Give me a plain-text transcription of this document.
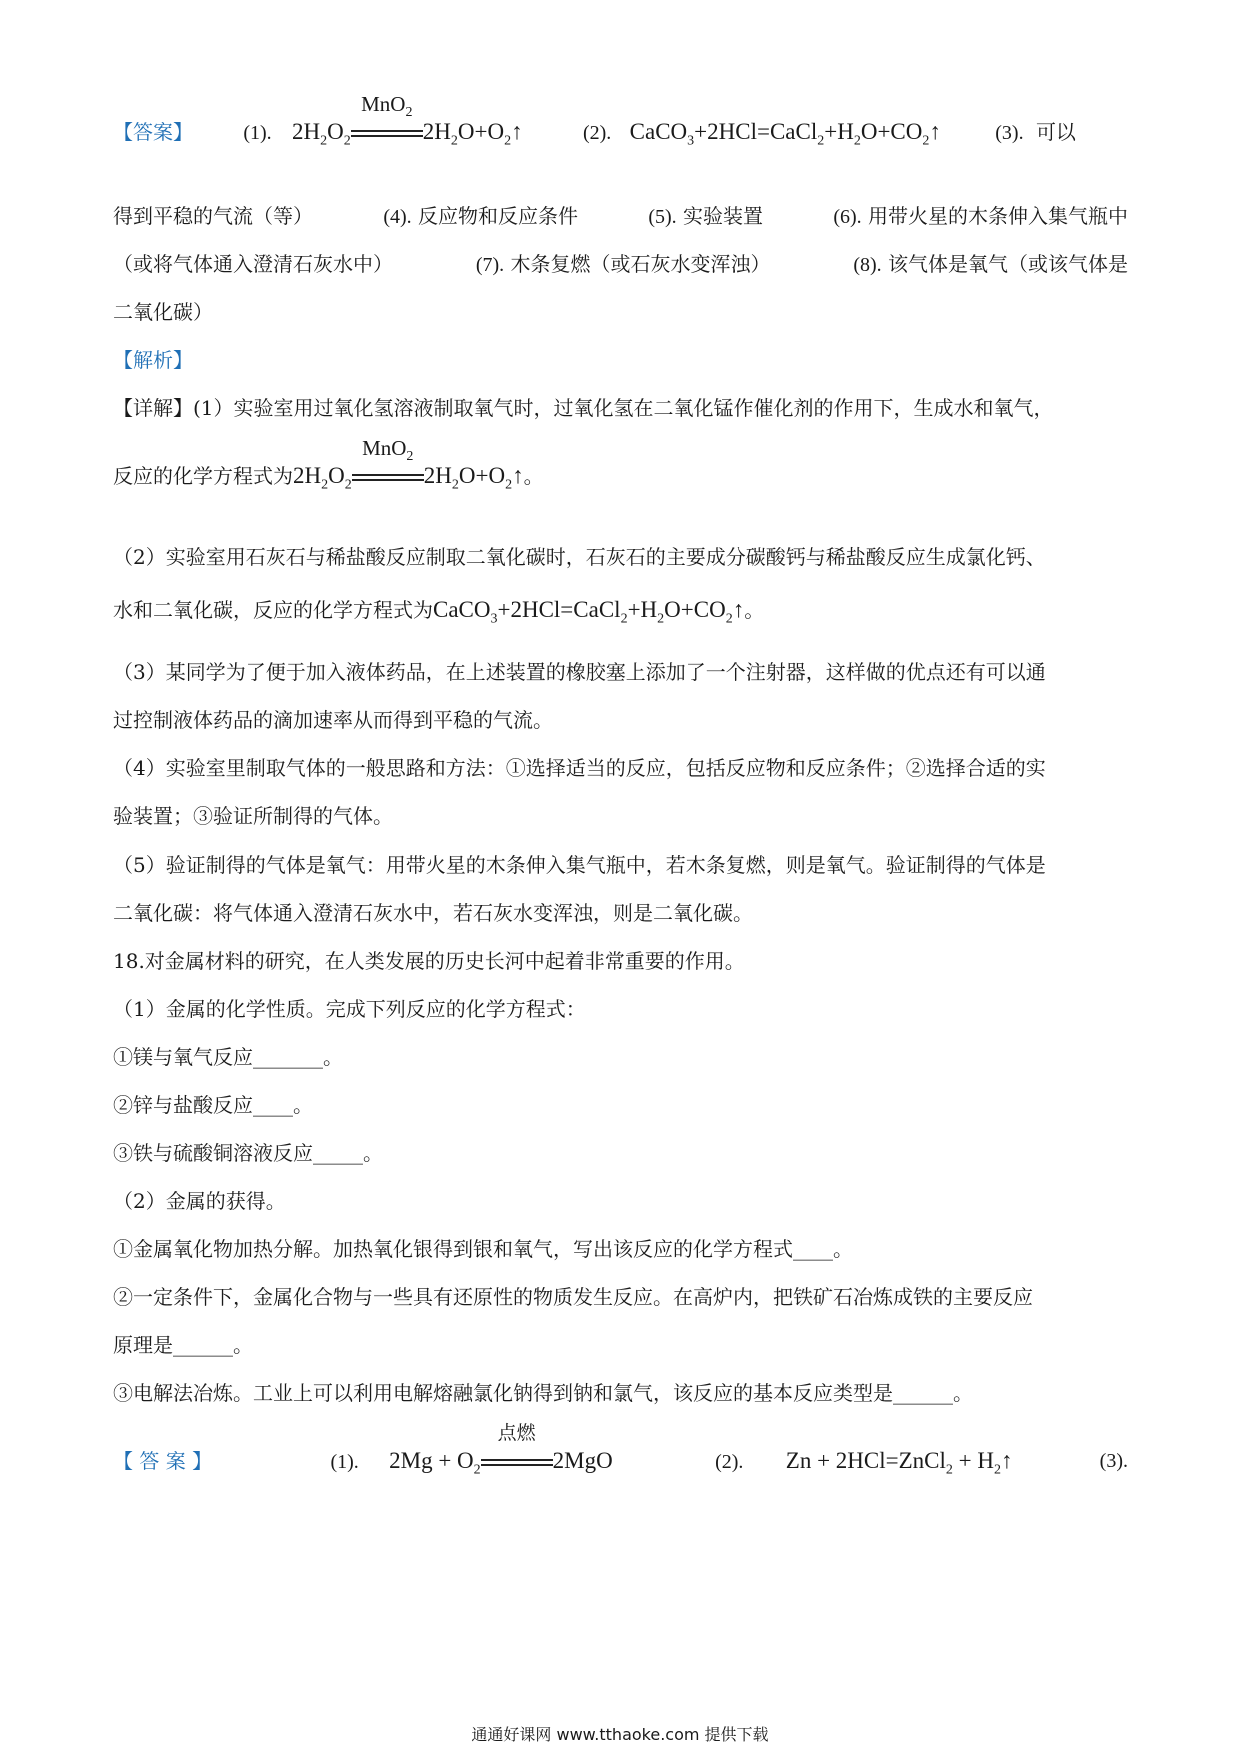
【答案】	(1). $2H_2O_2$
MnO$_2$
$2H_2O+O_2↑$	(2). $CaCO_3+2HCl=CaCl_2+H_2O+CO_2↑$	(3). 可以
得到平稳的气流（等）	(4). 反应物和反应条件	(5). 实验装置	(6). 用带火星的木条伸入集气瓶中
（或将气体通入澄清石灰水中）	(7). 木条复燃（或石灰水变浑浊）	(8). 该气体是氧气（或该气体是
二氧化碳）
【解析】
【详解】(1）实验室用过氧化氢溶液制取氧气时，过氧化氢在二氧化锰作催化剂的作用下，生成水和氧气，
反应的化学方程式为$2H_2O_2$
MnO$_2$
$2H_2O+O_2↑$。
（2）实验室用石灰石与稀盐酸反应制取二氧化碳时，石灰石的主要成分碳酸钙与稀盐酸反应生成氯化钙、
水和二氧化碳，反应的化学方程式为$CaCO_3+2HCl=CaCl_2+H_2O+CO_2↑$。
（3）某同学为了便于加入液体药品，在上述装置的橡胶塞上添加了一个注射器，这样做的优点还有可以通
过控制液体药品的滴加速率从而得到平稳的气流。
（4）实验室里制取气体的一般思路和方法：①选择适当的反应，包括反应物和反应条件；②选择合适的实
验装置；③验证所制得的气体。
（5）验证制得的气体是氧气：用带火星的木条伸入集气瓶中，若木条复燃，则是氧气。验证制得的气体是
二氧化碳：将气体通入澄清石灰水中，若石灰水变浑浊，则是二氧化碳。
18.对金属材料的研究，在人类发展的历史长河中起着非常重要的作用。
（1）金属的化学性质。完成下列反应的化学方程式：
①镁与氧气反应_______。
②锌与盐酸反应____。
③铁与硫酸铜溶液反应_____。
（2）金属的获得。
①金属氧化物加热分解。加热氧化银得到银和氧气，写出该反应的化学方程式____。
②一定条件下，金属化合物与一些具有还原性的物质发生反应。在高炉内，把铁矿石冶炼成铁的主要反应
原理是______。
③电解法冶炼。工业上可以利用电解熔融氯化钠得到钠和氯气，该反应的基本反应类型是______。
【 答 案 】	(1). $2Mg + O_2$
点燃
2MgO	(2). Zn + 2HCl=ZnCl$_2$ + $H_2↑$	(3).
通通好课网 www.tthaoke.com 提供下载
